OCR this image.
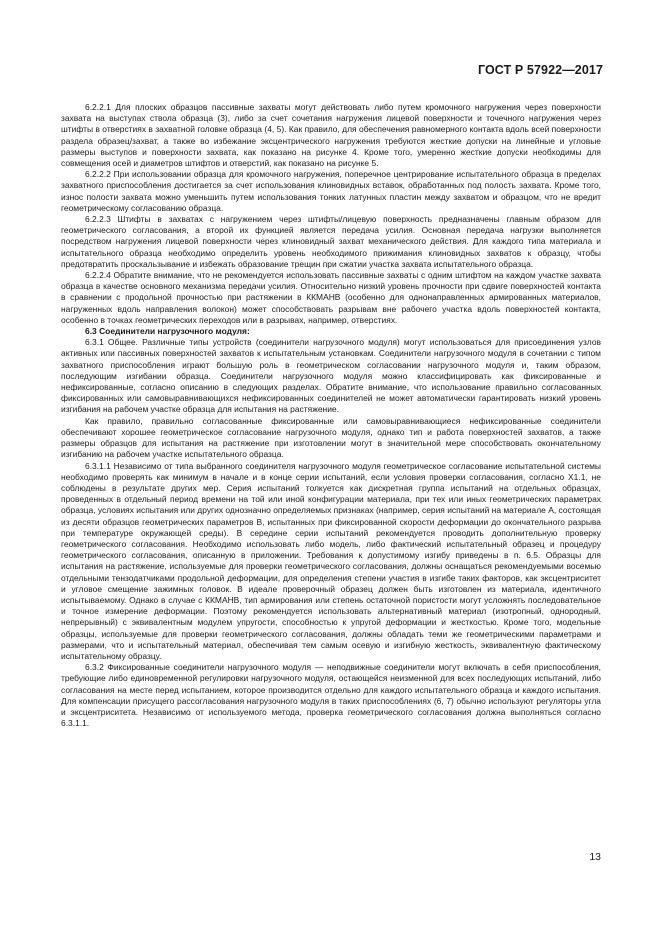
ГОСТ Р 57922—2017

6.2.2.1 Для плоских образцов пассивные захваты могут действовать либо путем кромочного нагружения через поверхности захвата на выступах ствола образца (3), либо за счет сочетания нагружения лицевой поверхности и точечного нагружения через штифты в отверстиях в захватной головке образца (4, 5). Как правило, для обеспечения равномерного контакта вдоль всей поверхности раздела образец/захват, а также во избежание эксцентрического нагружения требуются жесткие допуски на линейные и угловые размеры выступов и поверхности захвата, как показано на рисунке 4. Кроме того, умеренно жесткие допуски необходимы для совмещения осей и диаметров штифтов и отверстий, как показано на рисунке 5.

6.2.2.2 При использовании образца для кромочного нагружения, поперечное центрирование испытательного образца в пределах захватного приспособления достигается за счет использования клиновидных вставок, обработанных под полость захвата. Кроме того, износ полости захвата можно уменьшить путем использования тонких латунных пластин между захватом и образцом, что не вредит геометрическому согласованию образца.

6.2.2.3 Штифты в захватах с нагружением через штифты/лицевую поверхность предназначены главным образом для геометрического согласования, а второй их функцией является передача усилия. Основная передача нагрузки выполняется посредством нагружения лицевой поверхности через клиновидный захват механического действия. Для каждого типа материала и испытательного образца необходимо определить уровень необходимого прижимания клиновидных захватов к образцу, чтобы предотвратить проскальзывание и избежать образование трещин при сжатии участка захвата испытательного образца.

6.2.2.4 Обратите внимание, что не рекомендуется использовать пассивные захваты с одним штифтом на каждом участке захвата образца в качестве основного механизма передачи усилия. Относительно низкий уровень прочности при сдвиге поверхностей контакта в сравнении с продольной прочностью при растяжении в ККМАНВ (особенно для однонаправленных армированных материалов, нагруженных вдоль направления волокон) может способствовать разрывам вне рабочего участка вдоль поверхностей контакта, особенно в точках геометрических переходов или в разрывах, например, отверстиях.

6.3 Соединители нагрузочного модуля:

6.3.1 Общее. Различные типы устройств (соединители нагрузочного модуля) могут использоваться для присоединения узлов активных или пассивных поверхностей захватов к испытательным установкам. Соединители нагрузочного модуля в сочетании с типом захватного приспособления играют большую роль в геометрическом согласовании нагрузочного модуля и, таким образом, последующим изгибании образца. Соединители нагрузочного модуля можно классифицировать как фиксированные и нефиксированные, согласно описанию в следующих разделах. Обратите внимание, что использование правильно согласованных фиксированных или самовыравнивающихся нефиксированных соединителей не может автоматически гарантировать низкий уровень изгибания на рабочем участке образца для испытания на растяжение.

Как правило, правильно согласованные фиксированные или самовыравнивающиеся нефиксированные соединители обеспечивают хорошее геометрическое согласование нагрузочного модуля, однако тип и работа поверхностей захватов, а также размеры образцов для испытания на растяжение при изготовлении могут в значительной мере способствовать окончательному изгибанию на рабочем участке испытательного образца.

6.3.1.1 Независимо от типа выбранного соединителя нагрузочного модуля геометрическое согласование испытательной системы необходимо проверять как минимум в начале и в конце серии испытаний, если условия проверки согласования, согласно Х1.1, не соблюдены в результате других мер. Серия испытаний толкуется как дискретная группа испытаний на отдельных образцах, проведенных в отдельный период времени на той или иной конфигурации материала, при тех или иных геометрических параметрах образца, условиях испытания или других однозначно определяемых признаках (например, серия испытаний на материале А, состоящая из десяти образцов геометрических параметров В, испытанных при фиксированной скорости деформации до окончательного разрыва при температуре окружающей среды). В середине серии испытаний рекомендуется проводить дополнительную проверку геометрического согласования. Необходимо использовать либо модель, либо фактический испытательный образец и процедуру геометрического согласования, описанную в приложении. Требования к допустимому изгибу приведены в п. 6.5. Образцы для испытания на растяжение, используемые для проверки геометрического согласования, должны оснащаться рекомендуемыми восемью отдельными тензодатчиками продольной деформации, для определения степени участия в изгибе таких факторов, как эксцентриситет и угловое смещение зажимных головок. В идеале проверочный образец должен быть изготовлен из материала, идентичного испытываемому. Однако в случае с ККМАНВ, тип армирования или степень остаточной пористости могут усложнять последовательное и точное измерение деформации. Поэтому рекомендуется использовать альтернативный материал (изотропный, однородный, непрерывный) с эквивалентным модулем упругости, способностью к упругой деформации и жесткостью. Кроме того, модельные образцы, используемые для проверки геометрического согласования, должны обладать теми же геометрическими параметрами и размерами, что и испытательный материал, обеспечивая тем самым осевую и изгибную жесткость, эквивалентную фактическому испытательному образцу.

6.3.2 Фиксированные соединители нагрузочного модуля — неподвижные соединители могут включать в себя приспособления, требующие либо единовременной регулировки нагрузочного модуля, остающейся неизменной для всех последующих испытаний, либо согласования на месте перед испытанием, которое производится отдельно для каждого испытательного образца и каждого испытания. Для компенсации присущего рассогласования нагрузочного модуля в таких приспособлениях (6, 7) обычно используют регуляторы угла и эксцентриситета. Независимо от используемого метода, проверка геометрического согласования должна выполняться согласно 6.3.1.1.

13
